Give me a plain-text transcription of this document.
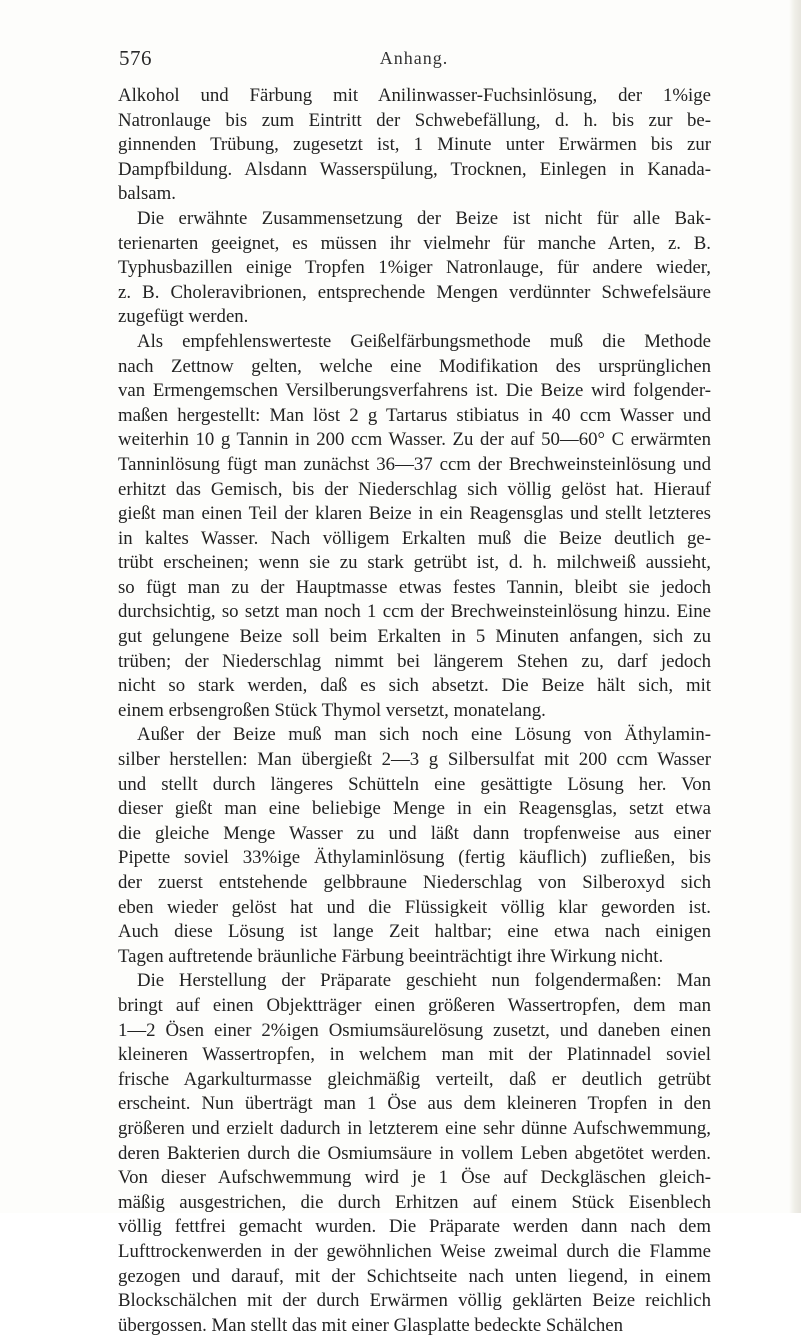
576	Anhang.
Alkohol und Färbung mit Anilinwasser-Fuchsinlösung, der 1%ige
Natronlauge bis zum Eintritt der Schwebefällung, d. h. bis zur be-
ginnenden Trübung, zugesetzt ist, 1 Minute unter Erwärmen bis zur
Dampfbildung. Alsdann Wasserspülung, Trocknen, Einlegen in Kanada-
balsam.
Die erwähnte Zusammensetzung der Beize ist nicht für alle Bak-
terienarten geeignet, es müssen ihr vielmehr für manche Arten, z. B.
Typhusbazillen einige Tropfen 1%iger Natronlauge, für andere wieder,
z. B. Choleravibrionen, entsprechende Mengen verdünnter Schwefelsäure
zugefügt werden.
Als empfehlenswerteste Geißelfärbungsmethode muß die Methode
nach Zettnow gelten, welche eine Modifikation des ursprünglichen
van Ermengemschen Versilberungsverfahrens ist. Die Beize wird folgender-
maßen hergestellt: Man löst 2 g Tartarus stibiatus in 40 ccm Wasser und
weiterhin 10 g Tannin in 200 ccm Wasser. Zu der auf 50—60° C erwärmten
Tanninlösung fügt man zunächst 36—37 ccm der Brechweinsteinlösung und
erhitzt das Gemisch, bis der Niederschlag sich völlig gelöst hat. Hierauf
gießt man einen Teil der klaren Beize in ein Reagensglas und stellt letzteres
in kaltes Wasser. Nach völligem Erkalten muß die Beize deutlich ge-
trübt erscheinen; wenn sie zu stark getrübt ist, d. h. milchweiß aussieht,
so fügt man zu der Hauptmasse etwas festes Tannin, bleibt sie jedoch
durchsichtig, so setzt man noch 1 ccm der Brechweinsteinlösung hinzu. Eine
gut gelungene Beize soll beim Erkalten in 5 Minuten anfangen, sich zu
trüben; der Niederschlag nimmt bei längerem Stehen zu, darf jedoch
nicht so stark werden, daß es sich absetzt. Die Beize hält sich, mit
einem erbsengroßen Stück Thymol versetzt, monatelang.
Außer der Beize muß man sich noch eine Lösung von Äthylamin-
silber herstellen: Man übergießt 2—3 g Silbersulfat mit 200 ccm Wasser
und stellt durch längeres Schütteln eine gesättigte Lösung her. Von
dieser gießt man eine beliebige Menge in ein Reagensglas, setzt etwa
die gleiche Menge Wasser zu und läßt dann tropfenweise aus einer
Pipette soviel 33%ige Äthylaminlösung (fertig käuflich) zufließen, bis
der zuerst entstehende gelbbraune Niederschlag von Silberoxyd sich
eben wieder gelöst hat und die Flüssigkeit völlig klar geworden ist.
Auch diese Lösung ist lange Zeit haltbar; eine etwa nach einigen
Tagen auftretende bräunliche Färbung beeinträchtigt ihre Wirkung nicht.
Die Herstellung der Präparate geschieht nun folgendermaßen: Man
bringt auf einen Objektträger einen größeren Wassertropfen, dem man
1—2 Ösen einer 2%igen Osmiumsäurelösung zusetzt, und daneben einen
kleineren Wassertropfen, in welchem man mit der Platinnadel soviel
frische Agarkulturmasse gleichmäßig verteilt, daß er deutlich getrübt
erscheint. Nun überträgt man 1 Öse aus dem kleineren Tropfen in den
größeren und erzielt dadurch in letzterem eine sehr dünne Aufschwemmung,
deren Bakterien durch die Osmiumsäure in vollem Leben abgetötet werden.
Von dieser Aufschwemmung wird je 1 Öse auf Deckgläschen gleich-
mäßig ausgestrichen, die durch Erhitzen auf einem Stück Eisenblech
völlig fettfrei gemacht wurden. Die Präparate werden dann nach dem
Lufttrockenwerden in der gewöhnlichen Weise zweimal durch die Flamme
gezogen und darauf, mit der Schichtseite nach unten liegend, in einem
Blockschälchen mit der durch Erwärmen völlig geklärten Beize reichlich
übergossen. Man stellt das mit einer Glasplatte bedeckte Schälchen
